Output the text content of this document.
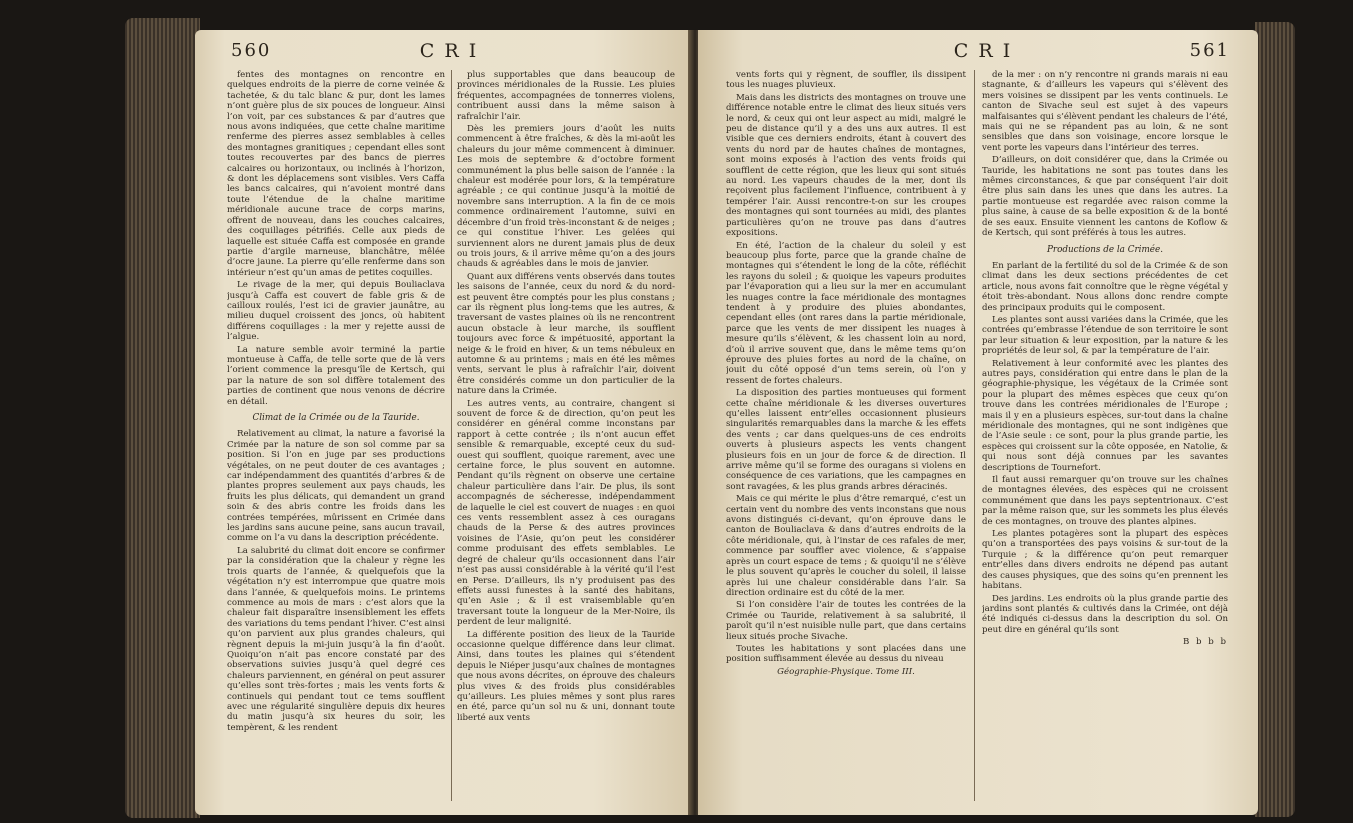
560	C R I

fentes des montagnes on rencontre en quelques endroits de la pierre de corne veinée & tachetée, & du talc blanc & pur, dont les lames n’ont guère plus de six pouces de longueur. Ainsi l’on voit, par ces substances & par d’autres que nous avons indiquées, que cette chaîne maritime renferme des pierres assez semblables à celles des montagnes granitiques ; cependant elles sont toutes recouvertes par des bancs de pierres calcaires ou horizontaux, ou inclinés à l’horizon, & dont les déplacemens sont visibles. Vers Caffa les bancs calcaires, qui n’avoient montré dans toute l’étendue de la chaîne maritime méridionale aucune trace de corps marins, offrent de nouveau, dans les couches calcaires, des coquillages pétrifiés. Celle aux pieds de laquelle est située Caffa est composée en grande partie d’argile marneuse, blanchâtre, mêlée d’ocre jaune. La pierre qu’elle renferme dans son intérieur n’est qu’un amas de petites coquilles.

Le rivage de la mer, qui depuis Bouliaclava jusqu’à Caffa est couvert de fable gris & de cailloux roulés, l’est ici de gravier jaunâtre, au milieu duquel croissent des joncs, où habitent différens coquillages : la mer y rejette aussi de l’algue.

La nature semble avoir terminé la partie montueuse à Caffa, de telle sorte que de là vers l’orient commence la presqu’île de Kertsch, qui par la nature de son sol diffère totalement des parties de continent que nous venons de décrire en détail.

Climat de la Crimée ou de la Tauride.

Relativement au climat, la nature a favorisé la Crimée par la nature de son sol comme par sa position. Si l’on en juge par ses productions végétales, on ne peut douter de ces avantages ; car indépendamment des quantités d’arbres & de plantes propres seulement aux pays chauds, les fruits les plus délicats, qui demandent un grand soin & des abris contre les froids dans les contrées tempérées, mûrissent en Crimée dans les jardins sans aucune peine, sans aucun travail, comme on l’a vu dans la description précédente.

La salubrité du climat doit encore se confirmer par la considération que la chaleur y règne les trois quarts de l’année, & quelquefois que la végétation n’y est interrompue que quatre mois dans l’année, & quelquefois moins. Le printems commence au mois de mars : c’est alors que la chaleur fait disparaître insensiblement les effets des variations du tems pendant l’hiver. C’est ainsi qu’on parvient aux plus grandes chaleurs, qui règnent depuis la mi-juin jusqu’à la fin d’août. Quoiqu’on n’ait pas encore constaté par des observations suivies jusqu’à quel degré ces chaleurs parviennent, en général on peut assurer qu’elles sont très-fortes ; mais les vents forts & continuels qui pendant tout ce tems soufflent avec une régularité singulière depuis dix heures du matin jusqu’à six heures du soir, les tempèrent, & les rendent

plus supportables que dans beaucoup de provinces méridionales de la Russie. Les pluies fréquentes, accompagnées de tonnerres violens, contribuent aussi dans la même saison à rafraîchir l’air.

Dès les premiers jours d’août les nuits commencent à être fraîches, & dès la mi-août les chaleurs du jour même commencent à diminuer. Les mois de septembre & d’octobre forment communément la plus belle saison de l’année : la chaleur est modérée pour lors, & la température agréable ; ce qui continue jusqu’à la moitié de novembre sans interruption. A la fin de ce mois commence ordinairement l’automne, suivi en décembre d’un froid très-inconstant & de neiges ; ce qui constitue l’hiver. Les gelées qui surviennent alors ne durent jamais plus de deux ou trois jours, & il arrive même qu’on a des jours chauds & agréables dans le mois de janvier.

Quant aux différens vents observés dans toutes les saisons de l’année, ceux du nord & du nord-est peuvent être comptés pour les plus constans ; car ils règnent plus long-tems que les autres, & traversant de vastes plaines où ils ne rencontrent aucun obstacle à leur marche, ils soufflent toujours avec force & impétuosité, apportant la neige & le froid en hiver, & un tems nébuleux en automne & au printems ; mais en été les mêmes vents, servant le plus à rafraîchir l’air, doivent être considérés comme un don particulier de la nature dans la Crimée.

Les autres vents, au contraire, changent si souvent de force & de direction, qu’on peut les considérer en général comme inconstans par rapport à cette contrée ; ils n’ont aucun effet sensible & remarquable, excepté ceux du sud-ouest qui soufflent, quoique rarement, avec une certaine force, le plus souvent en automne. Pendant qu’ils règnent on observe une certaine chaleur particulière dans l’air. De plus, ils sont accompagnés de sécheresse, indépendamment de laquelle le ciel est couvert de nuages : en quoi ces vents ressemblent assez à ces ouragans chauds de la Perse & des autres provinces voisines de l’Asie, qu’on peut les considérer comme produisant des effets semblables. Le degré de chaleur qu’ils occasionnent dans l’air n’est pas aussi considérable à la vérité qu’il l’est en Perse. D’ailleurs, ils n’y produisent pas des effets aussi funestes à la santé des habitans, qu’en Asie ; & il est vraisemblable qu’en traversant toute la longueur de la Mer-Noire, ils perdent de leur malignité.

La différente position des lieux de la Tauride occasionne quelque différence dans leur climat. Ainsi, dans toutes les plaines qui s’étendent depuis le Niéper jusqu’aux chaînes de montagnes que nous avons décrites, on éprouve des chaleurs plus vives & des froids plus considérables qu’ailleurs. Les pluies mêmes y sont plus rares en été, parce qu’un sol nu & uni, donnant toute liberté aux vents

C R I	561

vents forts qui y règnent, de souffler, ils dissipent tous les nuages pluvieux.

Mais dans les districts des montagnes on trouve une différence notable entre le climat des lieux situés vers le nord, & ceux qui ont leur aspect au midi, malgré le peu de distance qu’il y a des uns aux autres. Il est visible que ces derniers endroits, étant à couvert des vents du nord par de hautes chaînes de montagnes, sont moins exposés à l’action des vents froids qui soufflent de cette région, que les lieux qui sont situés au nord. Les vapeurs chaudes de la mer, dont ils reçoivent plus facilement l’influence, contribuent à y tempérer l’air. Aussi rencontre-t-on sur les croupes des montagnes qui sont tournées au midi, des plantes particulières qu’on ne trouve pas dans d’autres expositions.

En été, l’action de la chaleur du soleil y est beaucoup plus forte, parce que la grande chaîne de montagnes qui s’étendent le long de la côte, réfléchit les rayons du soleil ; & quoique les vapeurs produites par l’évaporation qui a lieu sur la mer en accumulant les nuages contre la face méridionale des montagnes tendent à y produire des pluies abondantes, cependant elles (ont rares dans la partie méridionale, parce que les vents de mer dissipent les nuages à mesure qu’ils s’élèvent, & les chassent loin au nord, d’où il arrive souvent que, dans le même tems qu’on éprouve des pluies fortes au nord de la chaîne, on jouit du côté opposé d’un tems serein, où l’on y ressent de fortes chaleurs.

La disposition des parties montueuses qui forment cette chaîne méridionale & les diverses ouvertures qu’elles laissent entr’elles occasionnent plusieurs singularités remarquables dans la marche & les effets des vents ; car dans quelques-uns de ces endroits ouverts à plusieurs aspects les vents changent plusieurs fois en un jour de force & de direction. Il arrive même qu’il se forme des ouragans si violens en conséquence de ces variations, que les campagnes en sont ravagées, & les plus grands arbres déracinés.

Mais ce qui mérite le plus d’être remarqué, c’est un certain vent du nombre des vents inconstans que nous avons distingués ci-devant, qu’on éprouve dans le canton de Bouliaclava & dans d’autres endroits de la côte méridionale, qui, à l’instar de ces rafales de mer, commence par souffler avec violence, & s’appaise après un court espace de tems ; & quoiqu’il ne s’élève le plus souvent qu’après le coucher du soleil, il laisse après lui une chaleur considérable dans l’air. Sa direction ordinaire est du côté de la mer.

Si l’on considère l’air de toutes les contrées de la Crimée ou Tauride, relativement à sa salubrité, il paroît qu’il n’est nuisible nulle part, que dans certains lieux situés proche Sivache.

Toutes les habitations y sont placées dans une position suffisamment élevée au dessus du niveau

Géographie-Physique. Tome III.

de la mer : on n’y rencontre ni grands marais ni eau stagnante, & d’ailleurs les vapeurs qui s’élèvent des mers voisines se dissipent par les vents continuels. Le canton de Sivache seul est sujet à des vapeurs malfaisantes qui s’élèvent pendant les chaleurs de l’été, mais qui ne se répandent pas au loin, & ne sont sensibles que dans son voisinage, encore lorsque le vent porte les vapeurs dans l’intérieur des terres.

D’ailleurs, on doit considérer que, dans la Crimée ou Tauride, les habitations ne sont pas toutes dans les mêmes circonstances, & que par conséquent l’air doit être plus sain dans les unes que dans les autres. La partie montueuse est regardée avec raison comme la plus saine, à cause de sa belle exposition & de la bonté de ses eaux. Ensuite viennent les cantons de Koflow & de Kertsch, qui sont préférés à tous les autres.

Productions de la Crimée.

En parlant de la fertilité du sol de la Crimée & de son climat dans les deux sections précédentes de cet article, nous avons fait connoître que le règne végétal y étoit très-abondant. Nous allons donc rendre compte des principaux produits qui le composent.

Les plantes sont aussi variées dans la Crimée, que les contrées qu’embrasse l’étendue de son territoire le sont par leur situation & leur exposition, par la nature & les propriétés de leur sol, & par la température de l’air.

Relativement à leur conformité avec les plantes des autres pays, considération qui entre dans le plan de la géographie-physique, les végétaux de la Crimée sont pour la plupart des mêmes espèces que ceux qu’on trouve dans les contrées méridionales de l’Europe ; mais il y en a plusieurs espèces, sur-tout dans la chaîne méridionale des montagnes, qui ne sont indigènes que de l’Asie seule : ce sont, pour la plus grande partie, les espèces qui croissent sur la côte opposée, en Natolie, & qui nous sont déjà connues par les savantes descriptions de Tournefort.

Il faut aussi remarquer qu’on trouve sur les chaînes de montagnes élevées, des espèces qui ne croissent communément que dans les pays septentrionaux. C’est par la même raison que, sur les sommets les plus élevés de ces montagnes, on trouve des plantes alpines.

Les plantes potagères sont la plupart des espèces qu’on a transportées des pays voisins & sur-tout de la Turquie ; & la différence qu’on peut remarquer entr’elles dans divers endroits ne dépend pas autant des causes physiques, que des soins qu’en prennent les habitans.

Des jardins. Les endroits où la plus grande partie des jardins sont plantés & cultivés dans la Crimée, ont déjà été indiqués ci-dessus dans la description du sol. On peut dire en général qu’ils sont

B b b b
